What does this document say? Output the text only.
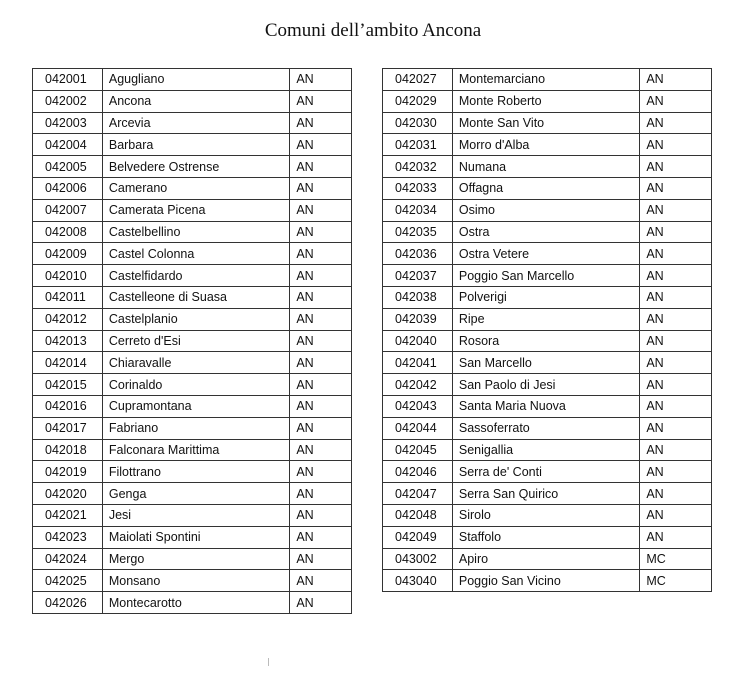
Comuni dell’ambito Ancona
042001	Agugliano	AN
042002	Ancona	AN
042003	Arcevia	AN
042004	Barbara	AN
042005	Belvedere Ostrense	AN
042006	Camerano	AN
042007	Camerata Picena	AN
042008	Castelbellino	AN
042009	Castel Colonna	AN
042010	Castelfidardo	AN
042011	Castelleone di Suasa	AN
042012	Castelplanio	AN
042013	Cerreto d'Esi	AN
042014	Chiaravalle	AN
042015	Corinaldo	AN
042016	Cupramontana	AN
042017	Fabriano	AN
042018	Falconara Marittima	AN
042019	Filottrano	AN
042020	Genga	AN
042021	Jesi	AN
042023	Maiolati Spontini	AN
042024	Mergo	AN
042025	Monsano	AN
042026	Montecarotto	AN
042027	Montemarciano	AN
042029	Monte Roberto	AN
042030	Monte San Vito	AN
042031	Morro d'Alba	AN
042032	Numana	AN
042033	Offagna	AN
042034	Osimo	AN
042035	Ostra	AN
042036	Ostra Vetere	AN
042037	Poggio San Marcello	AN
042038	Polverigi	AN
042039	Ripe	AN
042040	Rosora	AN
042041	San Marcello	AN
042042	San Paolo di Jesi	AN
042043	Santa Maria Nuova	AN
042044	Sassoferrato	AN
042045	Senigallia	AN
042046	Serra de' Conti	AN
042047	Serra San Quirico	AN
042048	Sirolo	AN
042049	Staffolo	AN
043002	Apiro	MC
043040	Poggio San Vicino	MC
